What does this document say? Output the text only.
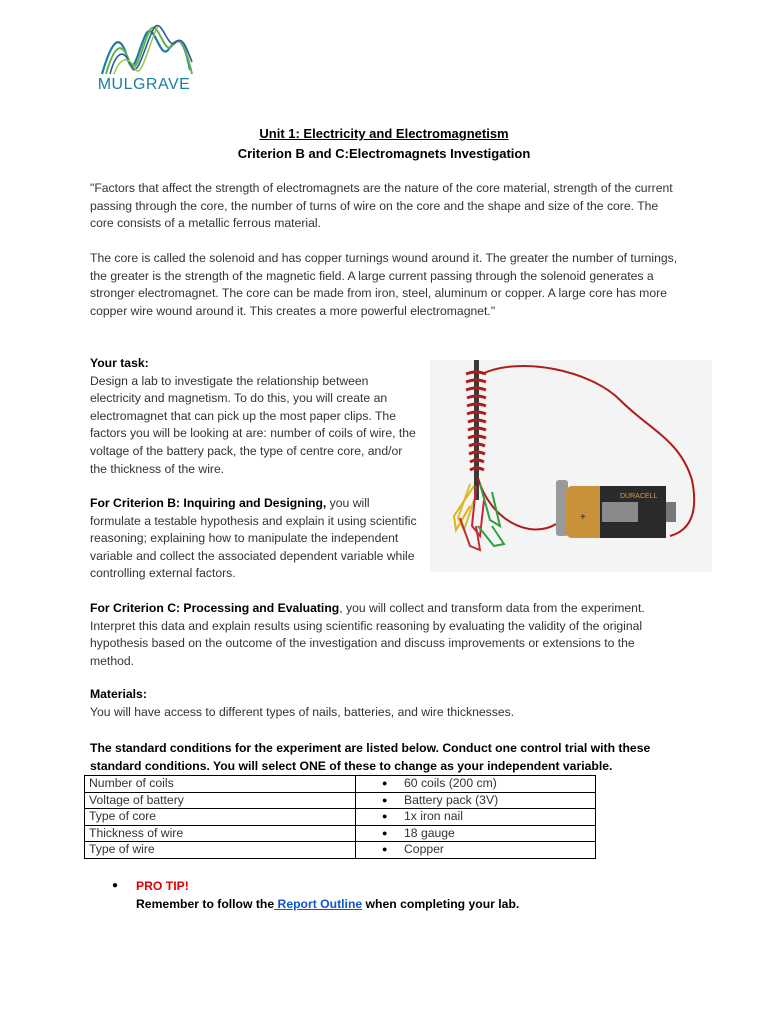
MULGRAVE
Unit 1: Electricity and Electromagnetism
Criterion B and C:Electromagnets Investigation

"Factors that affect the strength of electromagnets are the nature of the core material, strength of the current passing through the core, the number of turns of wire on the core and the shape and size of the core. The core consists of a metallic ferrous material.

The core is called the solenoid and has copper turnings wound around it. The greater the number of turnings, the greater is the strength of the magnetic field. A large current passing through the solenoid generates a stronger electromagnet. The core can be made from iron, steel, aluminum or copper. A large core has more copper wire wound around it. This creates a more powerful electromagnet."

Your task:
Design a lab to investigate the relationship between electricity and magnetism. To do this, you will create an electromagnet that can pick up the most paper clips. The factors you will be looking at are: number of coils of wire, the voltage of the battery pack, the type of centre core, and/or the thickness of the wire.
For Criterion B: Inquiring and Designing, you will formulate a testable hypothesis and explain it using scientific reasoning; explaining how to manipulate the independent variable and collect the associated dependent variable while controlling external factors.
DURACELL
+
For Criterion C: Processing and Evaluating, you will collect and transform data from the experiment. Interpret this data and explain results using scientific reasoning by evaluating the validity of the original hypothesis based on the outcome of the investigation and discuss improvements or extensions to the method.
Materials:
You will have access to different types of nails, batteries, and wire thicknesses.
The standard conditions for the experiment are listed below. Conduct one control trial with these standard conditions. You will select ONE of these to change as your independent variable.
Number of coils	● 60 coils (200 cm)
Voltage of battery	● Battery pack (3V)
Type of core	● 1x iron nail
Thickness of wire	● 18 gauge
Type of wire	● Copper
● PRO TIP!
Remember to follow the Report Outline when completing your lab.
